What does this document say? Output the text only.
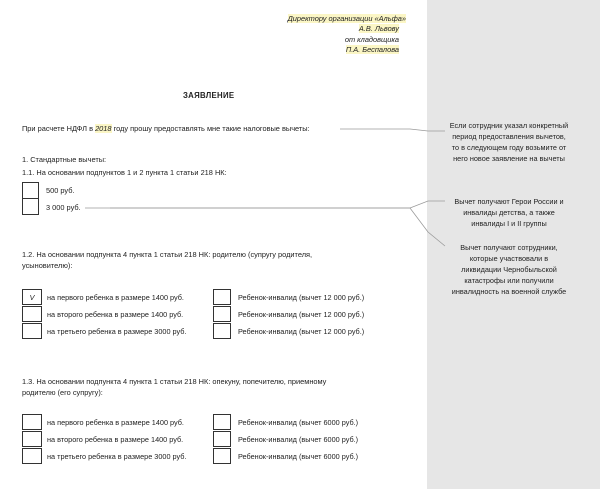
Директору организации «Альфа»
А.В. Львову
от кладовщика
П.А. Беспалова
ЗАЯВЛЕНИЕ
При расчете НДФЛ в 2018 году прошу предоставлять мне такие налоговые вычеты:
1. Стандартные вычеты:
1.1. На основании подпунктов 1 и 2 пункта 1 статьи 218 НК:
500 руб.
3 000 руб.
1.2. На основании подпункта 4 пункта 1 статьи 218 НК: родителю (супругу родителя,
усыновителю):
V	на первого ребенка в размере 1400 руб.	Ребенок-инвалид (вычет 12 000 руб.)
на второго ребенка в размере 1400 руб.	Ребенок-инвалид (вычет 12 000 руб.)
на третьего ребенка в размере 3000 руб.	Ребенок-инвалид (вычет 12 000 руб.)
1.3. На основании подпункта 4 пункта 1 статьи 218 НК: опекуну, попечителю, приемному
родителю (его супругу):
на первого ребенка в размере 1400 руб.	Ребенок-инвалид (вычет 6000 руб.)
на второго ребенка в размере 1400 руб.	Ребенок-инвалид (вычет 6000 руб.)
на третьего ребенка в размере 3000 руб.	Ребенок-инвалид (вычет 6000 руб.)
Если сотрудник указал конкретный период предоставления вычетов, то в следующем году возьмите от него новое заявление на вычеты
Вычет получают Герои России и инвалиды детства, а также инвалиды I и II группы
Вычет получают сотрудники, которые участвовали в ликвидации Чернобыльской катастрофы или получили инвалидность на военной службе
